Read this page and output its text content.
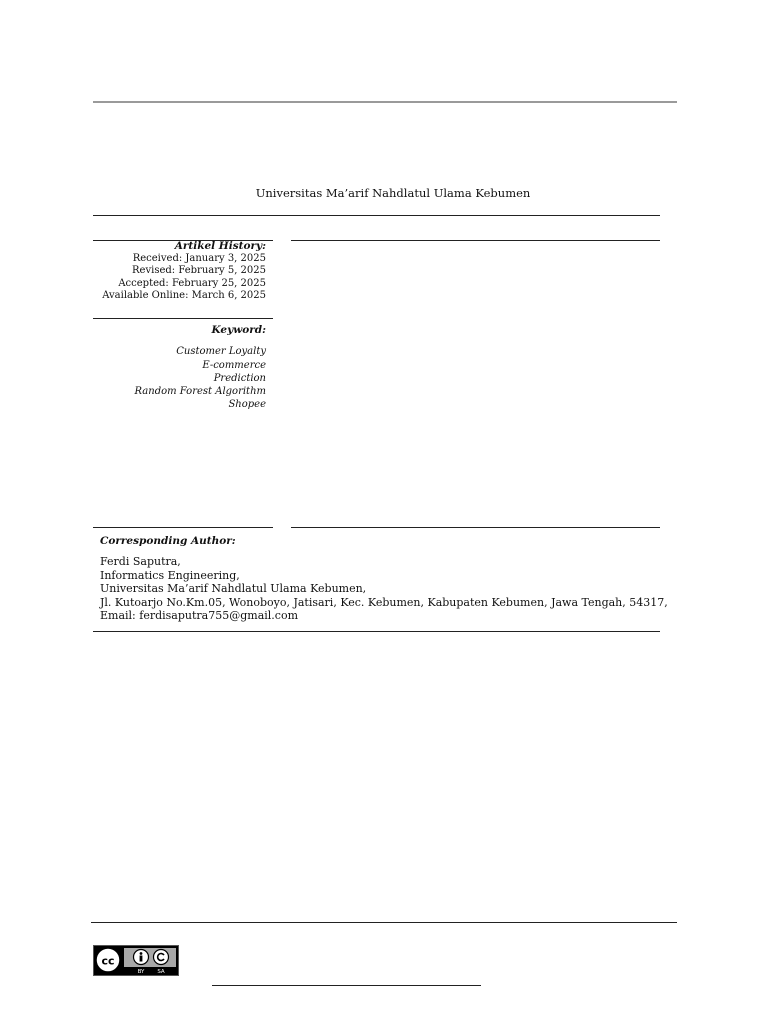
Universitas Ma’arif Nahdlatul Ulama Kebumen
Artikel History:
Received: January 3, 2025
Revised: February 5, 2025
Accepted: February 25, 2025
Available Online: March 6, 2025
Keyword:
Customer Loyalty
E-commerce
Prediction
Random Forest Algorithm
Shopee
Corresponding Author:
Ferdi Saputra,
Informatics Engineering,
Universitas Ma’arif Nahdlatul Ulama Kebumen,
Jl. Kutoarjo No.Km.05, Wonoboyo, Jatisari, Kec. Kebumen, Kabupaten Kebumen, Jawa Tengah, 54317,
Email: ferdisaputra755@gmail.com
cc
BY SA
